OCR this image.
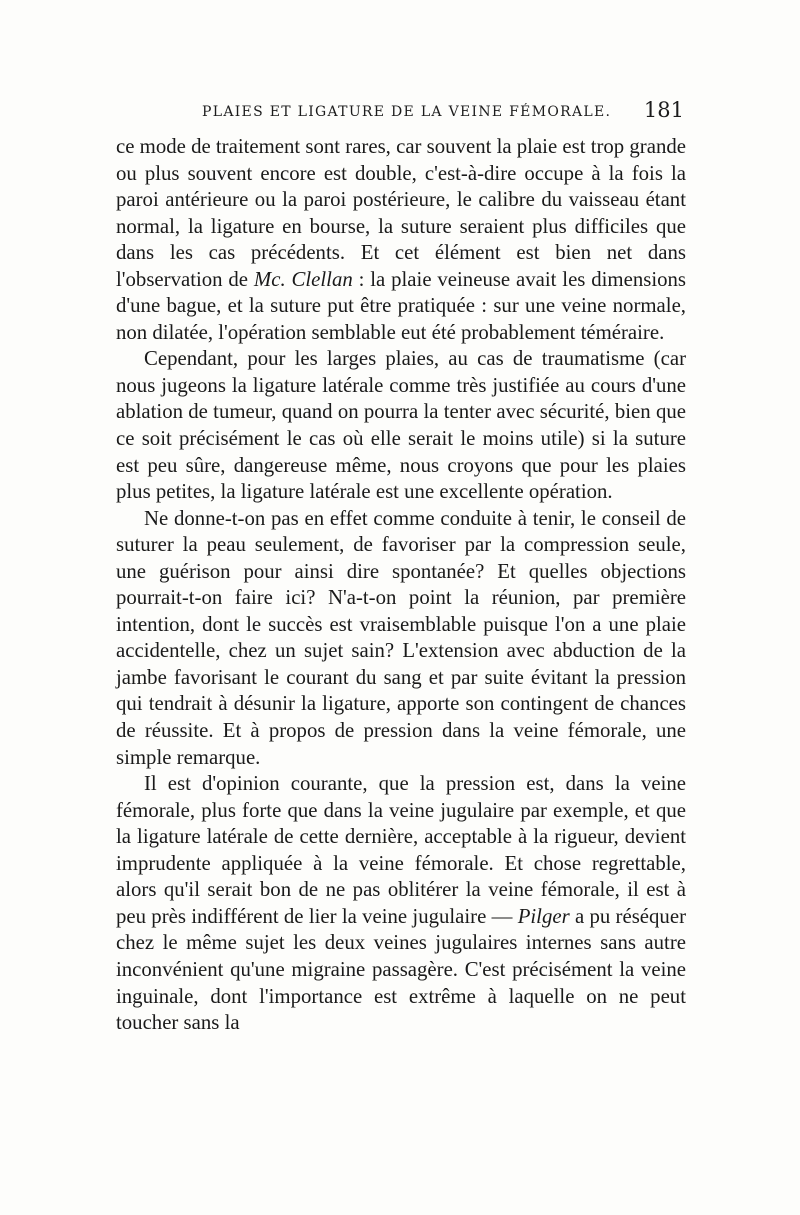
PLAIES ET LIGATURE DE LA VEINE FÉMORALE. 181

ce mode de traitement sont rares, car souvent la plaie est trop grande ou plus souvent encore est double, c'est-à-dire occupe à la fois la paroi antérieure ou la paroi postérieure, le calibre du vaisseau étant normal, la ligature en bourse, la suture seraient plus difficiles que dans les cas précédents. Et cet élément est bien net dans l'observation de Mc. Clellan : la plaie veineuse avait les dimensions d'une bague, et la suture put être pratiquée : sur une veine normale, non dilatée, l'opération semblable eut été probablement téméraire.

Cependant, pour les larges plaies, au cas de traumatisme (car nous jugeons la ligature latérale comme très justifiée au cours d'une ablation de tumeur, quand on pourra la tenter avec sécurité, bien que ce soit précisément le cas où elle serait le moins utile) si la suture est peu sûre, dangereuse même, nous croyons que pour les plaies plus petites, la ligature latérale est une excellente opération.

Ne donne-t-on pas en effet comme conduite à tenir, le conseil de suturer la peau seulement, de favoriser par la compression seule, une guérison pour ainsi dire spontanée? Et quelles objections pourrait-t-on faire ici? N'a-t-on point la réunion, par première intention, dont le succès est vraisemblable puisque l'on a une plaie accidentelle, chez un sujet sain? L'extension avec abduction de la jambe favorisant le courant du sang et par suite évitant la pression qui tendrait à désunir la ligature, apporte son contingent de chances de réussite. Et à propos de pression dans la veine fémorale, une simple remarque.

Il est d'opinion courante, que la pression est, dans la veine fémorale, plus forte que dans la veine jugulaire par exemple, et que la ligature latérale de cette dernière, acceptable à la rigueur, devient imprudente appliquée à la veine fémorale. Et chose regrettable, alors qu'il serait bon de ne pas oblitérer la veine fémorale, il est à peu près indifférent de lier la veine jugulaire — Pilger a pu réséquer chez le même sujet les deux veines jugulaires internes sans autre inconvénient qu'une migraine passagère. C'est précisément la veine inguinale, dont l'importance est extrême à laquelle on ne peut toucher sans la
